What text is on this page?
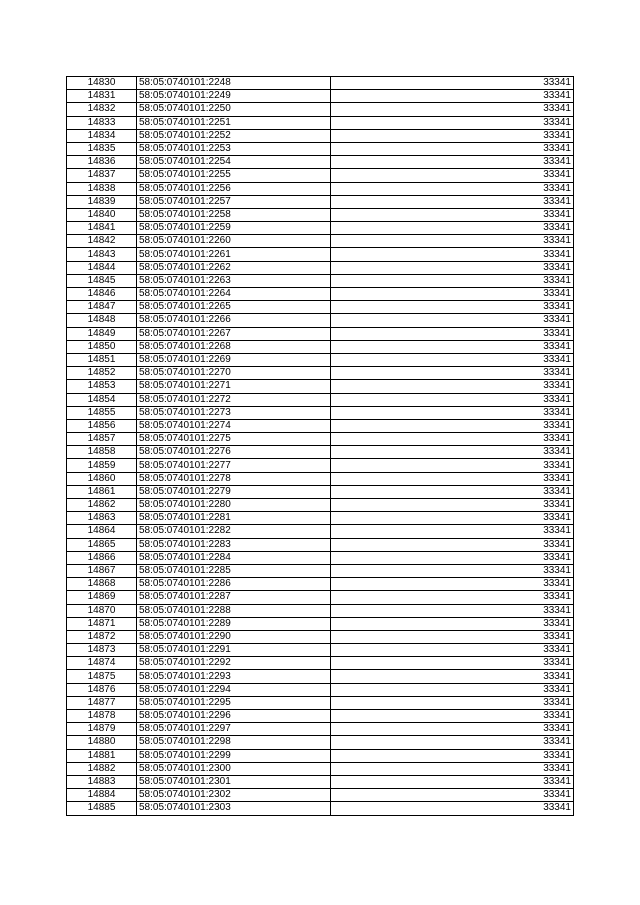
14830	58:05:0740101:2248	33341
14831	58:05:0740101:2249	33341
14832	58:05:0740101:2250	33341
14833	58:05:0740101:2251	33341
14834	58:05:0740101:2252	33341
14835	58:05:0740101:2253	33341
14836	58:05:0740101:2254	33341
14837	58:05:0740101:2255	33341
14838	58:05:0740101:2256	33341
14839	58:05:0740101:2257	33341
14840	58:05:0740101:2258	33341
14841	58:05:0740101:2259	33341
14842	58:05:0740101:2260	33341
14843	58:05:0740101:2261	33341
14844	58:05:0740101:2262	33341
14845	58:05:0740101:2263	33341
14846	58:05:0740101:2264	33341
14847	58:05:0740101:2265	33341
14848	58:05:0740101:2266	33341
14849	58:05:0740101:2267	33341
14850	58:05:0740101:2268	33341
14851	58:05:0740101:2269	33341
14852	58:05:0740101:2270	33341
14853	58:05:0740101:2271	33341
14854	58:05:0740101:2272	33341
14855	58:05:0740101:2273	33341
14856	58:05:0740101:2274	33341
14857	58:05:0740101:2275	33341
14858	58:05:0740101:2276	33341
14859	58:05:0740101:2277	33341
14860	58:05:0740101:2278	33341
14861	58:05:0740101:2279	33341
14862	58:05:0740101:2280	33341
14863	58:05:0740101:2281	33341
14864	58:05:0740101:2282	33341
14865	58:05:0740101:2283	33341
14866	58:05:0740101:2284	33341
14867	58:05:0740101:2285	33341
14868	58:05:0740101:2286	33341
14869	58:05:0740101:2287	33341
14870	58:05:0740101:2288	33341
14871	58:05:0740101:2289	33341
14872	58:05:0740101:2290	33341
14873	58:05:0740101:2291	33341
14874	58:05:0740101:2292	33341
14875	58:05:0740101:2293	33341
14876	58:05:0740101:2294	33341
14877	58:05:0740101:2295	33341
14878	58:05:0740101:2296	33341
14879	58:05:0740101:2297	33341
14880	58:05:0740101:2298	33341
14881	58:05:0740101:2299	33341
14882	58:05:0740101:2300	33341
14883	58:05:0740101:2301	33341
14884	58:05:0740101:2302	33341
14885	58:05:0740101:2303	33341
